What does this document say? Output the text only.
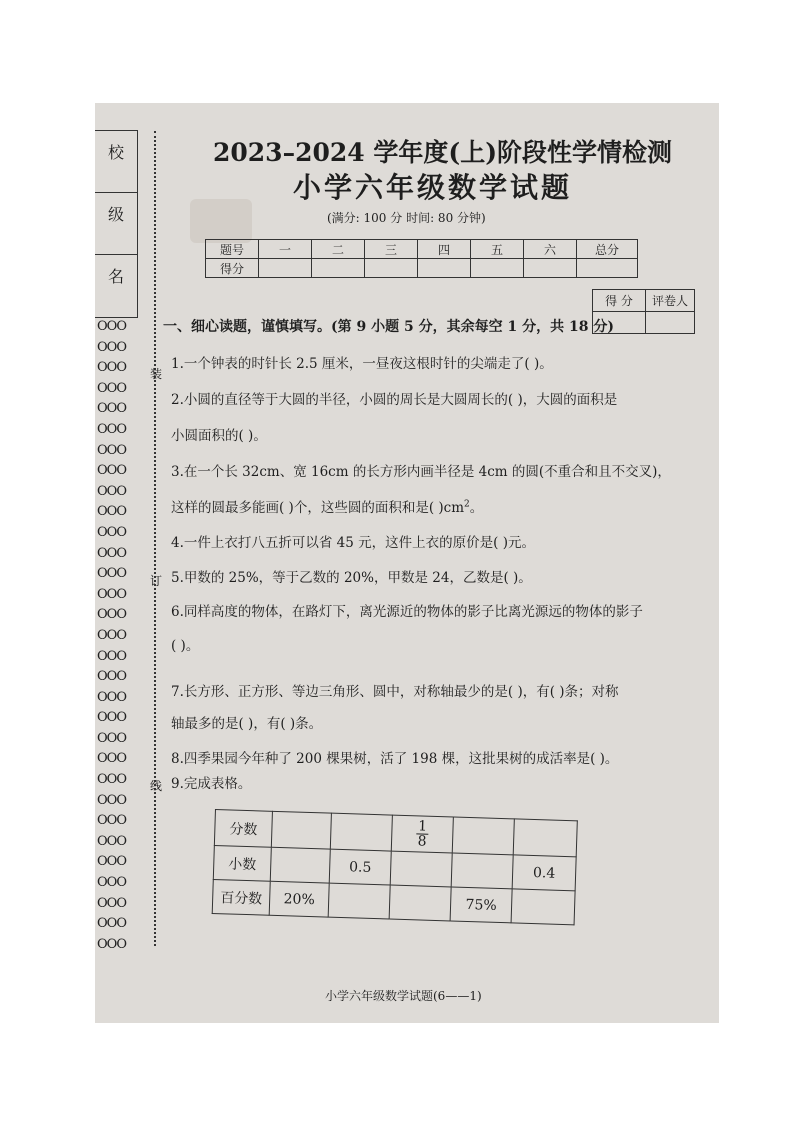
校
级
名
OOO
OOO
OOO
OOO
OOO
OOO
OOO
OOO
OOO
OOO
OOO
OOO
OOO
OOO
OOO
OOO
OOO
OOO
OOO
OOO
OOO
OOO
OOO
OOO
OOO
OOO
OOO
OOO
OOO
OOO
OOO
装
订
线
2023–2024 学年度(上)阶段性学情检测
小学六年级数学试题
(满分: 100 分 时间: 80 分钟)
题号	一	二	三	四	五	六	总分
得分							
得 分	评卷人

一、细心读题，谨慎填写。(第 9 小题 5 分，其余每空 1 分，共 18 分)
1.一个钟表的时针长 2.5 厘米，一昼夜这根时针的尖端走了( )。
2.小圆的直径等于大圆的半径，小圆的周长是大圆周长的( )，大圆的面积是
小圆面积的( )。
3.在一个长 32cm、宽 16cm 的长方形内画半径是 4cm 的圆(不重合和且不交叉)，
这样的圆最多能画( )个，这些圆的面积和是( )$cm^2$。
4.一件上衣打八五折可以省 45 元，这件上衣的原价是( )元。
5.甲数的 25%，等于乙数的 20%，甲数是 24，乙数是( )。
6.同样高度的物体，在路灯下，离光源近的物体的影子比离光源远的物体的影子
( )。
7.长方形、正方形、等边三角形、圆中，对称轴最少的是( )，有( )条；对称
轴最多的是( )，有( )条。
8.四季果园今年种了 200 棵果树，活了 198 棵，这批果树的成活率是( )。
9.完成表格。
分数			$\frac{1}{8}$

小数		0.5			0.4
百分数	20%			75%	
小学六年级数学试题(6——1)
